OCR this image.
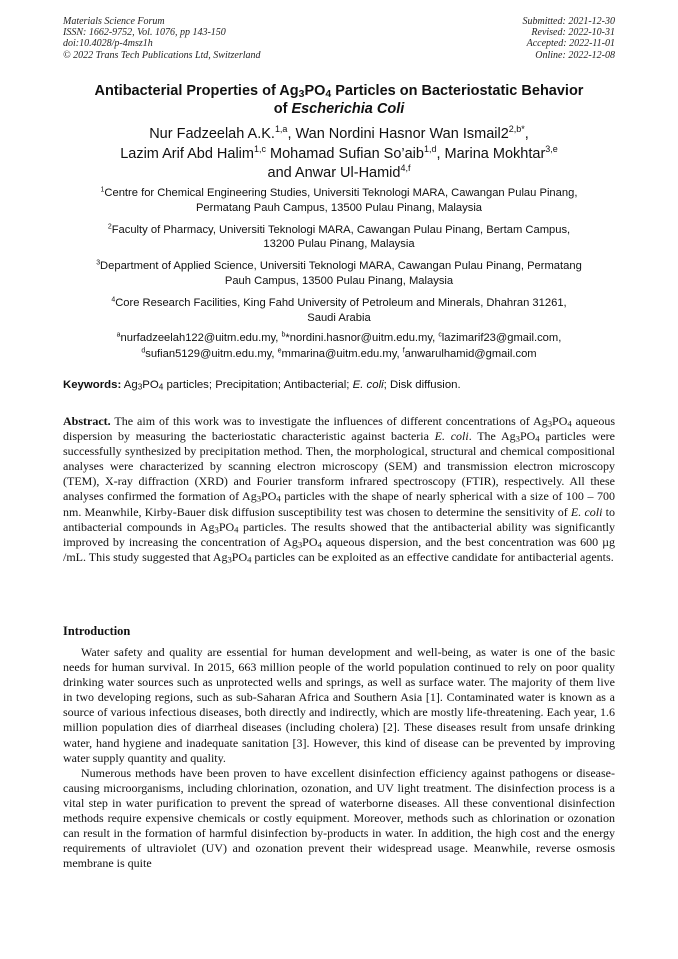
Materials Science Forum
ISSN: 1662-9752, Vol. 1076, pp 143-150
doi:10.4028/p-4msz1h
© 2022 Trans Tech Publications Ltd, Switzerland
Submitted: 2021-12-30
Revised: 2022-10-31
Accepted: 2022-11-01
Online: 2022-12-08
Antibacterial Properties of $Ag_3PO_4$ Particles on Bacteriostatic Behavior
of Escherichia Coli
Nur Fadzeelah A.K.$^{1,a}$, Wan Nordini Hasnor Wan $Ismail2^{2,b*}$,
Lazim Arif Abd Halim$^{1,c}$ Mohamad Sufian So’aib$^{1,d}$, Marina Mokhtar$^{3,e}$
and Anwar Ul-Hamid$^{4,f}$

$^1$Centre for Chemical Engineering Studies, Universiti Teknologi MARA, Cawangan Pulau Pinang,
Permatang Pauh Campus, 13500 Pulau Pinang, Malaysia

$^2$Faculty of Pharmacy, Universiti Teknologi MARA, Cawangan Pulau Pinang, Bertam Campus,
13200 Pulau Pinang, Malaysia

$^3$Department of Applied Science, Universiti Teknologi MARA, Cawangan Pulau Pinang, Permatang
Pauh Campus, 13500 Pulau Pinang, Malaysia

$^4$Core Research Facilities, King Fahd University of Petroleum and Minerals, Dhahran 31261,
Saudi Arabia

$^a$nurfadzeelah122@uitm.edu.my, $^b$*nordini.hasnor@uitm.edu.my, $^c$lazimarif23@gmail.com,
$^d$sufian5129@uitm.edu.my, $^e$mmarina@uitm.edu.my, $^f$anwarulhamid@gmail.com
Keywords: $Ag_3PO_4$ particles; Precipitation; Antibacterial; E. coli; Disk diffusion.

Abstract. The aim of this work was to investigate the influences of different concentrations of $Ag_3PO_4$ aqueous dispersion by measuring the bacteriostatic characteristic against bacteria E. coli. The $Ag_3PO_4$ particles were successfully synthesized by precipitation method. Then, the morphological, structural and chemical compositional analyses were characterized by scanning electron microscopy (SEM) and transmission electron microscopy (TEM), X-ray diffraction (XRD) and Fourier transform infrared spectroscopy (FTIR), respectively. All these analyses confirmed the formation of $Ag_3PO_4$ particles with the shape of nearly spherical with a size of 100 – 700 nm. Meanwhile, Kirby-Bauer disk diffusion susceptibility test was chosen to determine the sensitivity of E. coli to antibacterial compounds in $Ag_3PO_4$ particles. The results showed that the antibacterial ability was significantly improved by increasing the concentration of $Ag_3PO_4$ aqueous dispersion, and the best concentration was 600 µg /mL. This study suggested that $Ag_3PO_4$ particles can be exploited as an effective candidate for antibacterial agents.

Introduction

Water safety and quality are essential for human development and well-being, as water is one of the basic needs for human survival. In 2015, 663 million people of the world population continued to rely on poor quality drinking water sources such as unprotected wells and springs, as well as surface water. The majority of them live in two developing regions, such as sub-Saharan Africa and Southern Asia [1]. Contaminated water is known as a source of various infectious diseases, both directly and indirectly, which are mostly life-threatening. Each year, 1.6 million population dies of diarrheal diseases (including cholera) [2]. These diseases result from unsafe drinking water, hand hygiene and inadequate sanitation [3]. However, this kind of disease can be prevented by improving water supply quantity and quality.

Numerous methods have been proven to have excellent disinfection efficiency against pathogens or disease-causing microorganisms, including chlorination, ozonation, and UV light treatment. The disinfection process is a vital step in water purification to prevent the spread of waterborne diseases. All these conventional disinfection methods require expensive chemicals or costly equipment. Moreover, methods such as chlorination or ozonation can result in the formation of harmful disinfection by-products in water. In addition, the high cost and the energy requirements of ultraviolet (UV) and ozonation prevent their widespread usage. Meanwhile, reverse osmosis membrane is quite
